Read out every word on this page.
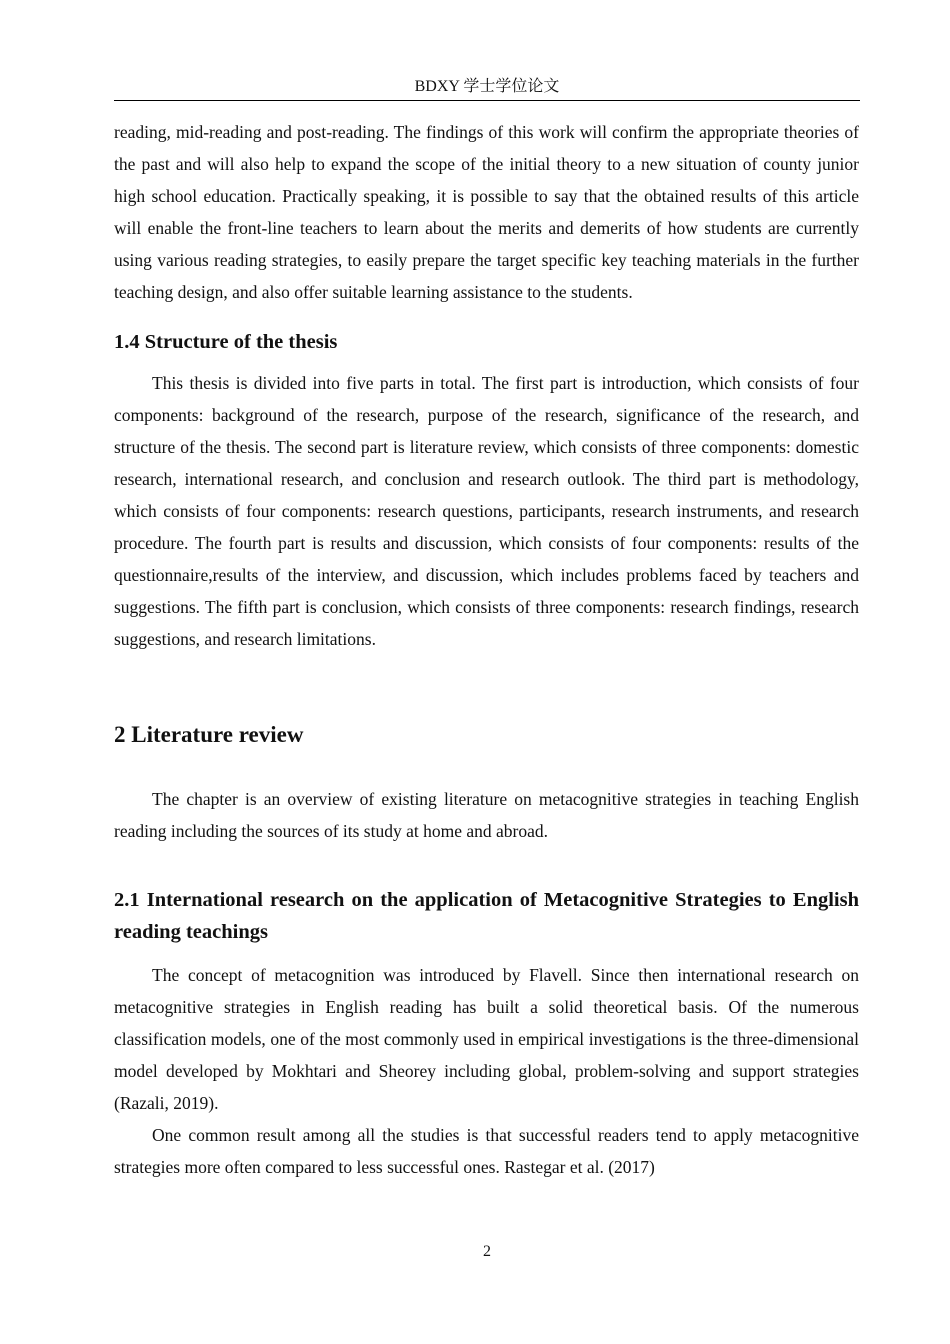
BDXY 学士学位论文

reading, mid-reading and post-reading. The findings of this work will confirm the appropriate theories of the past and will also help to expand the scope of the initial theory to a new situation of county junior high school education. Practically speaking, it is possible to say that the obtained results of this article will enable the front-line teachers to learn about the merits and demerits of how students are currently using various reading strategies, to easily prepare the target specific key teaching materials in the further teaching design, and also offer suitable learning assistance to the students.

1.4 Structure of the thesis

This thesis is divided into five parts in total. The first part is introduction, which consists of four components: background of the research, purpose of the research, significance of the research, and structure of the thesis. The second part is literature review, which consists of three components: domestic research, international research, and conclusion and research outlook. The third part is methodology, which consists of four components: research questions, participants, research instruments, and research procedure. The fourth part is results and discussion, which consists of four components: results of the questionnaire,results of the interview, and discussion, which includes problems faced by teachers and suggestions. The fifth part is conclusion, which consists of three components: research findings, research suggestions, and research limitations.

2 Literature review

The chapter is an overview of existing literature on metacognitive strategies in teaching English reading including the sources of its study at home and abroad.

2.1 International research on the application of Metacognitive Strategies to English reading teachings

The concept of metacognition was introduced by Flavell. Since then international research on metacognitive strategies in English reading has built a solid theoretical basis. Of the numerous classification models, one of the most commonly used in empirical investigations is the three-dimensional model developed by Mokhtari and Sheorey including global, problem-solving and support strategies (Razali, 2019).

One common result among all the studies is that successful readers tend to apply metacognitive strategies more often compared to less successful ones. Rastegar et al. (2017)

2
